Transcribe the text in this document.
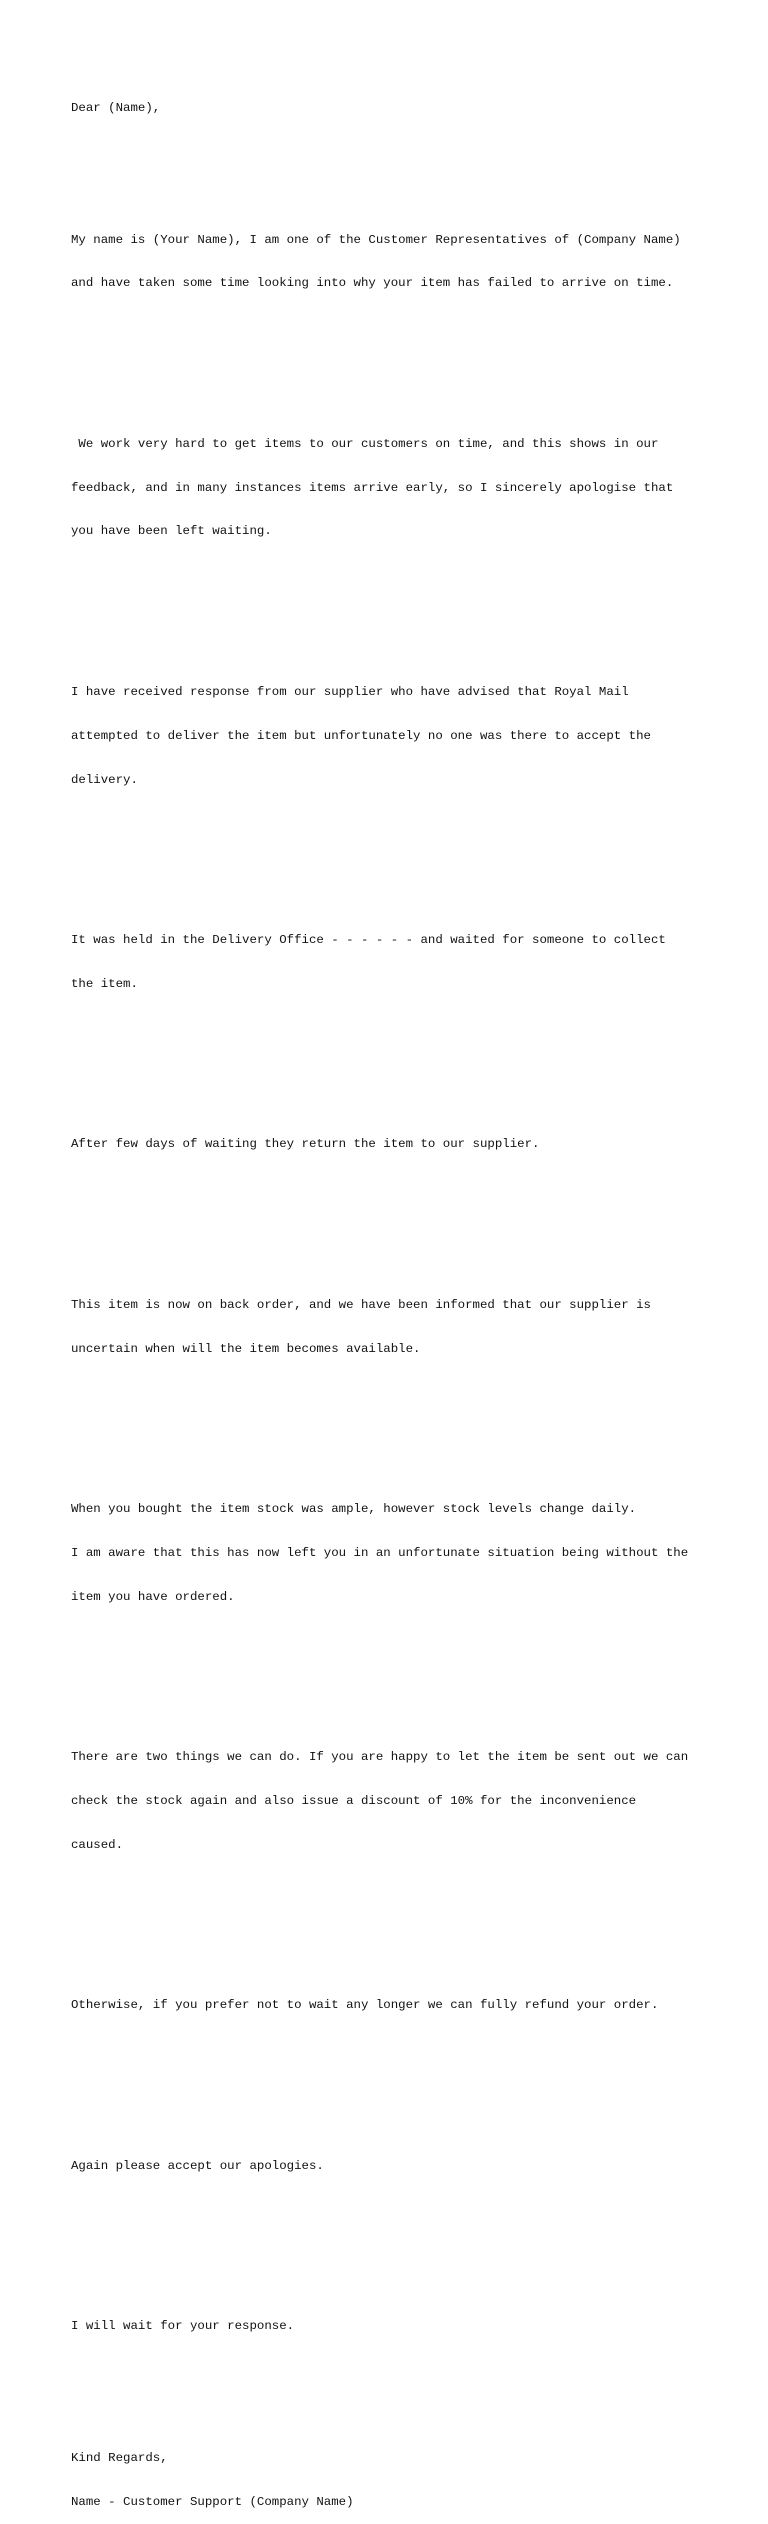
Dear (Name),

My name is (Your Name), I am one of the Customer Representatives of (Company Name)

and have taken some time looking into why your item has failed to arrive on time.

We work very hard to get items to our customers on time, and this shows in our

feedback, and in many instances items arrive early, so I sincerely apologise that

you have been left waiting.

I have received response from our supplier who have advised that Royal Mail

attempted to deliver the item but unfortunately no one was there to accept the

delivery.

It was held in the Delivery Office - - - - - - and waited for someone to collect

the item.

After few days of waiting they return the item to our supplier.

This item is now on back order, and we have been informed that our supplier is

uncertain when will the item becomes available.

When you bought the item stock was ample, however stock levels change daily.

I am aware that this has now left you in an unfortunate situation being without the

item you have ordered.

There are two things we can do. If you are happy to let the item be sent out we can

check the stock again and also issue a discount of 10% for the inconvenience

caused.

Otherwise, if you prefer not to wait any longer we can fully refund your order.

Again please accept our apologies.

I will wait for your response.

Kind Regards,

Name - Customer Support (Company Name)
